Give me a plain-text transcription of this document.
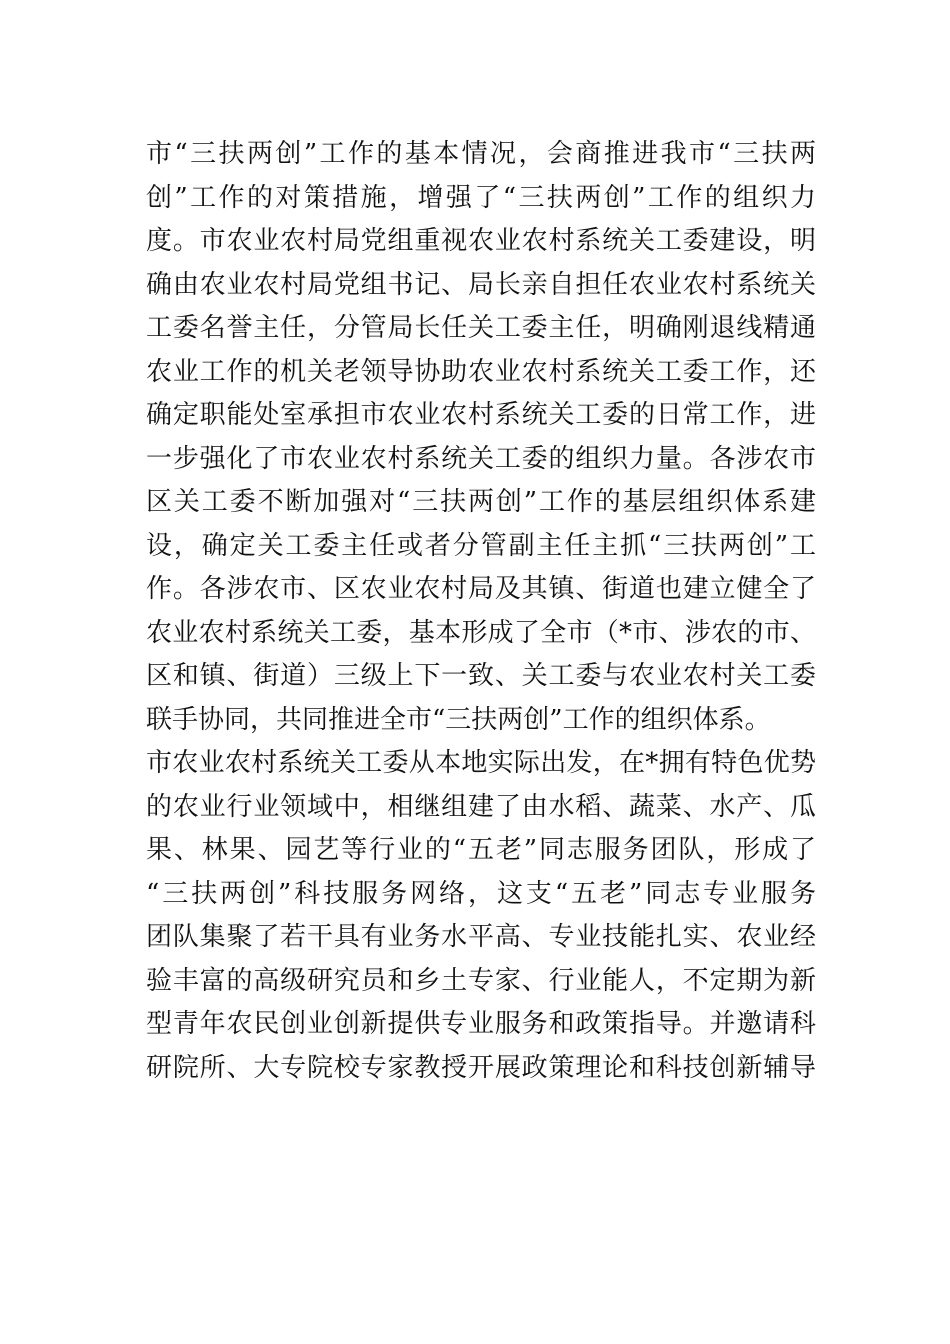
市“三扶两创”工作的基本情况，会商推进我市“三扶两
创”工作的对策措施，增强了“三扶两创”工作的组织力
度。市农业农村局党组重视农业农村系统关工委建设，明
确由农业农村局党组书记、局长亲自担任农业农村系统关
工委名誉主任，分管局长任关工委主任，明确刚退线精通
农业工作的机关老领导协助农业农村系统关工委工作，还
确定职能处室承担市农业农村系统关工委的日常工作，进
一步强化了市农业农村系统关工委的组织力量。各涉农市
区关工委不断加强对“三扶两创”工作的基层组织体系建
设，确定关工委主任或者分管副主任主抓“三扶两创”工
作。各涉农市、区农业农村局及其镇、街道也建立健全了
农业农村系统关工委，基本形成了全市（*市、涉农的市、
区和镇、街道）三级上下一致、关工委与农业农村关工委
联手协同，共同推进全市“三扶两创”工作的组织体系。
市农业农村系统关工委从本地实际出发，在*拥有特色优势
的农业行业领域中，相继组建了由水稻、蔬菜、水产、瓜
果、林果、园艺等行业的“五老”同志服务团队，形成了
“三扶两创”科技服务网络，这支“五老”同志专业服务
团队集聚了若干具有业务水平高、专业技能扎实、农业经
验丰富的高级研究员和乡土专家、行业能人，不定期为新
型青年农民创业创新提供专业服务和政策指导。并邀请科
研院所、大专院校专家教授开展政策理论和科技创新辅导
